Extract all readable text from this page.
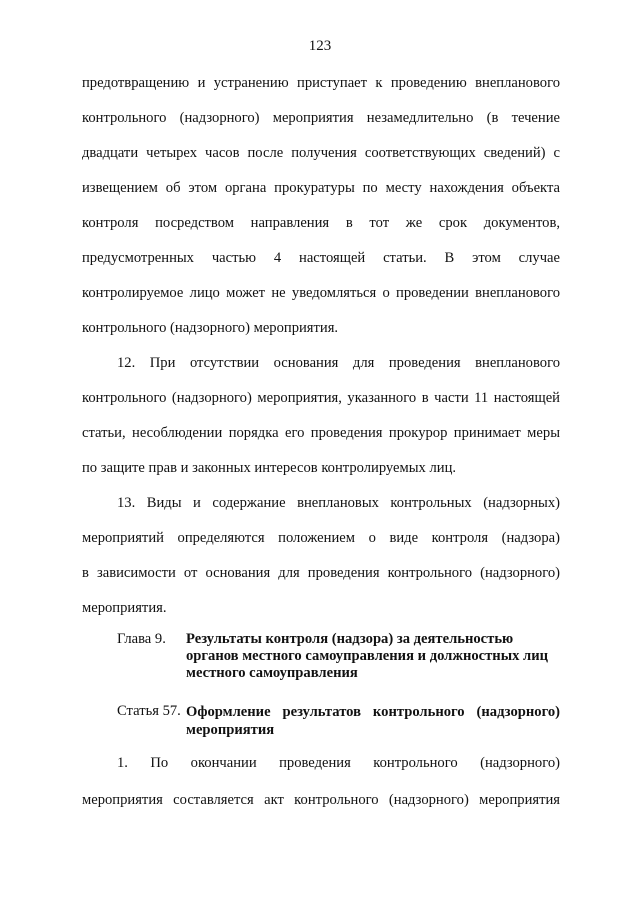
123
предотвращению и устранению приступает к проведению внепланового
контрольного (надзорного) мероприятия незамедлительно (в течение
двадцати четырех часов после получения соответствующих сведений) с
извещением об этом органа прокуратуры по месту нахождения объекта
контроля посредством направления в тот же срок документов,
предусмотренных частью 4 настоящей статьи. В этом случае
контролируемое лицо может не уведомляться о проведении внепланового
контрольного (надзорного) мероприятия.
12. При отсутствии основания для проведения внепланового
контрольного (надзорного) мероприятия, указанного в части 11 настоящей
статьи, несоблюдении порядка его проведения прокурор принимает меры
по защите прав и законных интересов контролируемых лиц.
13. Виды и содержание внеплановых контрольных (надзорных)
мероприятий определяются положением о виде контроля (надзора)
в зависимости от основания для проведения контрольного (надзорного)
мероприятия.
Глава 9. Результаты контроля (надзора) за деятельностью
органов местного самоуправления и должностных лиц
местного самоуправления
Статья 57. Оформление результатов контрольного (надзорного)
мероприятия
1. По окончании проведения контрольного (надзорного)
мероприятия составляется акт контрольного (надзорного) мероприятия
